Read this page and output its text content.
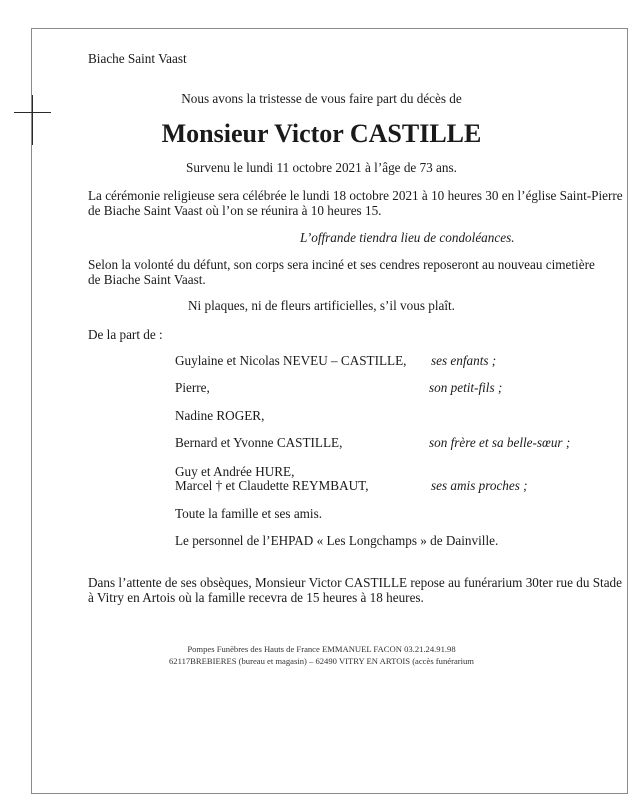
Biache Saint Vaast
Nous avons la tristesse de vous faire part du décès de
Monsieur Victor CASTILLE
Survenu le lundi 11 octobre 2021 à l’âge de 73 ans.
La cérémonie religieuse sera célébrée le lundi 18 octobre 2021 à 10 heures 30 en l’église Saint-Pierre
de Biache Saint Vaast où l’on se réunira à 10 heures 15.
L’offrande tiendra lieu de condoléances.
Selon la volonté du défunt, son corps sera inciné et ses cendres reposeront au nouveau cimetière
de Biache Saint Vaast.
Ni plaques, ni de fleurs artificielles, s’il vous plaît.
De la part de :
Guylaine et Nicolas NEVEU – CASTILLE, ses enfants ;
Pierre,	son petit-fils ;
Nadine ROGER,
Bernard et Yvonne CASTILLE,	son frère et sa belle-sœur ;
Guy et Andrée HURE,
Marcel † et Claudette REYMBAUT,	ses amis proches ;
Toute la famille et ses amis.
Le personnel de l’EHPAD « Les Longchamps » de Dainville.
Dans l’attente de ses obsèques, Monsieur Victor CASTILLE repose au funérarium 30ter rue du Stade
à Vitry en Artois où la famille recevra de 15 heures à 18 heures.
Pompes Funèbres des Hauts de France EMMANUEL FACON 03.21.24.91.98
62117BREBIERES (bureau et magasin) – 62490 VITRY EN ARTOIS (accès funérarium
